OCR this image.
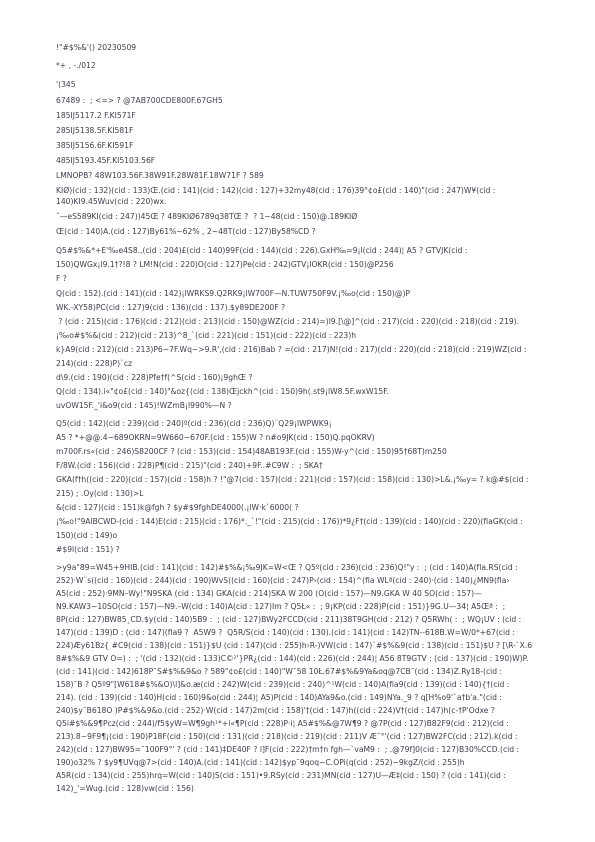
!"#$%&'() 20230509
*+ , -./012
'(345
67489 :  ; <=> ? @7AB700CDE800F.67GH5
185IJ5117.2 F.KI571F
285IJ5138.5F.KI581F
385IJ5156.6F.KI591F
485IJ5193.45F.KI5103.56F
LMNOPB? 48W103.56F.38W91F.28W81F.18W71F ? 589
KIØ)(cid : 132)(cid : 133)Œ.(cid : 141)(cid : 142)(cid : 127)+32my48(cid : 176)39°¢o£(cid : 140)"(cid : 247)W¥(cid :
140)KI9.45Wuv(cid : 220)wx.
ˆ—eS589KI(cid : 247))45Œ ? 489KIØ6789q38TŒ ?  ? 1~48(cid : 150)@.189KIØ
Œ(cid : 140)A.(cid : 127)By61%~62% , 2~48T(cid : 127)By58%CD ?
Q5#$%&*+E'‰e4S8.,(cid : 204)£(cid : 140)99F(cid : 144)(cid : 226).GxH‰=9¡l(cid : 244)¦ A5 ? GTVJK(cid :
150)QWGx¡l9.1†?!8 ? LM!N(cid : 220)O(cid : 127)Pe(cid : 242)GTV¡lOKR(cid : 150)@P256
F ?
Q(cid : 152).(cid : 141)(cid : 142)¡lWRKS9.Q2RK9¡lW700F—N.TUW750F9V.¡‰o(cid : 150)@)P
WK.-XY58)PC(cid : 127)9(cid : 136)(cid : 137).$y89DE200F ?
? (cid : 215)(cid : 176)(cid : 212)(cid : 213)(cid : 150)@WZ(cid : 214)=)l9.[\@]^(cid : 217)(cid : 220)(cid : 218)(cid : 219).
¡‰o#$%&(cid : 212)(cid : 213)^8_`(cid : 221)(cid : 151)(cid : 222)(cid : 223)h
k}A9(cid : 212)(cid : 213)P6~7F.Wq~>9.R',(cid : 216)Bab ? =(cid : 217)N!(cid : 217)(cid : 220)(cid : 218)(cid : 219)WZ(cid :
214)(cid : 228)P)`cz
d\9.(cid : 190)(cid : 228)Pfe†f(^S(cid : 160)¡9ghŒ ?
Q(cid : 134).i«"¢o£(cid : 140)"&oz{(cid : 138)Œjckh^(cid : 150)9h(.st9¡lW8.5F.wxW15F.
uvOW15F._'i&o9(cid : 145)!WZmB¡l990%—N ?
Q5(cid : 142)(cid : 239)(cid : 240)º(cid : 236)(cid : 236)Q)¨Q29¡lWPWK9¡
A5 ? *+@@.4~689OKRN=9W660~670F.(cid : 155)W ? n#o9JK(cid : 150)Q.pqOKRV)
m700F.rs«(cid : 246)S8200CF ? (cid : 153)(cid : 154)48AB193F.(cid : 155)W-y^(cid : 150)95†68T)m250
F/8W.(cid : 156)(cid : 228)P¶(cid : 215)"(cid : 240)+9F..#C9W :  ; SKA†
GKA(f†h((cid : 220)(cid : 157)(cid : 158)h ? !"@7(cid : 157)(cid : 221)(cid : 157)(cid : 158)(cid : 130)>L&.¡‰y= ? k@#$(cid :
215) ; .Oy(cid : 130)>L
&(cid : 127)(cid : 151)k@fgh ? $y#$9fghDE4000(.¡lW·k`6000( ?
¡‰o!"9AlBCWD-(cid : 144)E(cid : 215)(cid : 176)*._`!"(cid : 215)(cid : 176))*9¿F†(cid : 139)(cid : 140)(cid : 220)(flaGK(cid :
150)(cid : 149)o
#$9l(cid : 151) ?
>y9a"89=W45+9HIB.(cid : 141)(cid : 142)#$%&¡‰9JK=W<Œ ? Q5º(cid : 236)(cid : 236)Q!"y :  ; (cid : 140)A(fla.RS(cid :
252)·W¨s((cid : 160)(cid : 244)(cid : 190)WvS((cid : 160)(cid : 247)P›(cid : 154)^(fla WLª(cid : 240)·(cid : 140)¿MN9(fla›
A5(cid : 252)·9MN–Wy!"N9SKA (cid : 134) GKA(cid : 214)SKA W 200 (O(cid : 157)—N9.GKA W 40 SO(cid : 157)—
N9.KAW3~10SO(cid : 157)—N9.–W(cid : 140)A(cid : 127)Im ? Q5Ł« :  ; 9¡KP(cid : 228)P(cid : 151)}9G.U—34¦ A5Œª :  ;
8P(cid : 127)BW85¸CD.$y(cid : 140)5B9 :  ; (cid : 127)BWy2FCCD(cid : 211)38T9GH(cid : 212) ? Q5RWh( :  ; WQ¡UV : (cid :
147)(cid : 139)D : (cid : 147)(fla9 ?  A5W9 ?  Q5R/S(cid : 140)(cid : 130).(cid : 141)(cid : 142)TN--618B.W=W/0*+67(cid :
224)Æy61Bz{ #C9(cid : 138)(cid : 151)}$U (cid : 147)(cid : 255)h›R-)VW(cid : 147)¨#$%&9(cid : 138)(cid : 151)$U ? [\R-`X.6
8#$%&9 GTV O=) :  ; '(cid : 132)(cid : 133)C©²'}PR¿(cid : 144)(cid : 226)(cid : 244)¦ A56 8T9GTV : (cid : 137)(cid : 190)W)P.
(cid : 141)(cid : 142)618P˜S#$%&9&o ? 589"¢o£(cid : 140)"W¯58 10Ł.67#$%&9Ya&oq@7CB¯(cid : 134)Z.Ry18-(cid :
158)¯B ? Q5º9"[W618#$%&O)\l]&o.æ(cid : 242)W(cid : 239)(cid : 240)^¹W(cid : 140)A(fla9(cid : 139)(cid : 140){†(cid :
214). (cid : 139)(cid : 140)H(cid : 160)9&o(cid : 244)¦ A5)P(cid : 140)AYa9&o.(cid : 149)NYa._9 ? q[H%o9'`a†b'a."(cid :
240)$y¯B618O )P#$%&9&o.(cid : 252)·W(cid : 147)2m(cid : 158)'†(cid : 147)h((cid : 224)V†(cid : 147)h(c-†P'Odxe ?
Q5i#$%&9¶Pcz(cid : 244)/f5$yW=W¶9gh¹*+i«¶P(cid : 228)P·i¦ A5#$%&@7W¶9 ? @7P(cid : 127)B82F9(cid : 212)(cid :
213).8~9F9¶¡(cid : 190)P18F(cid : 150)(cid : 131)(cid : 218)(cid : 219)(cid : 211)V Æ¯°'(cid : 127)BW2FC(cid : 212).k(cid :
242)(cid : 127)BW95=¯100F9°' ? (cid : 141)‡DE40F ? l]F(cid : 222)†m†n fgh—`vaM9 :  ; .@79f]0(cid : 127)B30%CCD.(cid :
190)o32% ? $y9¶UVq@7>(cid : 140)A.(cid : 141)(cid : 142)$yp¯9qoq~C.OPi(q(cid : 252)~9kgZ/(cid : 255)h
A5R(cid : 134)(cid : 255)hrq=W(cid : 140)S(cid : 151)•9.RSy(cid : 231)MN(cid : 127)U—Æ‡(cid : 150) ? (cid : 141)(cid :
142)_'=Wug.(cid : 128)vw(cid : 156)
